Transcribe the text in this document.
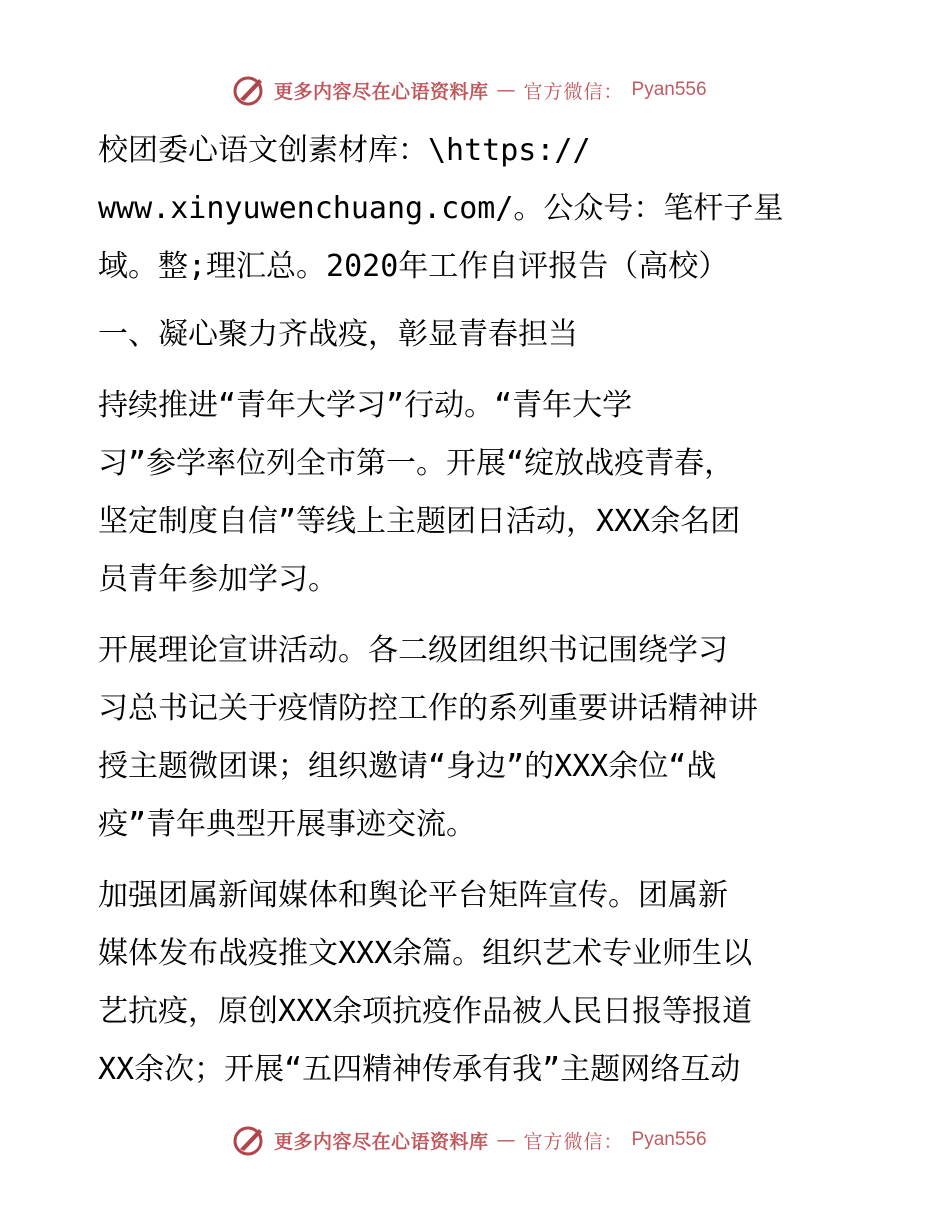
更多内容尽在心语资料库 — 官方微信： Pyan556

校团委心语文创素材库：\https://

www.xinyuwenchuang.com/。公众号：笔杆子星

域。整;理汇总。2020年工作自评报告（高校）

一、凝心聚力齐战疫，彰显青春担当

持续推进“青年大学习”行动。“青年大学

习”参学率位列全市第一。开展“绽放战疫青春，

坚定制度自信”等线上主题团日活动，XXX余名团

员青年参加学习。

开展理论宣讲活动。各二级团组织书记围绕学习

习总书记关于疫情防控工作的系列重要讲话精神讲

授主题微团课；组织邀请“身边”的XXX余位“战

疫”青年典型开展事迹交流。

加强团属新闻媒体和舆论平台矩阵宣传。团属新

媒体发布战疫推文XXX余篇。组织艺术专业师生以

艺抗疫，原创XXX余项抗疫作品被人民日报等报道

XX余次；开展“五四精神传承有我”主题网络互动

更多内容尽在心语资料库 — 官方微信： Pyan556
